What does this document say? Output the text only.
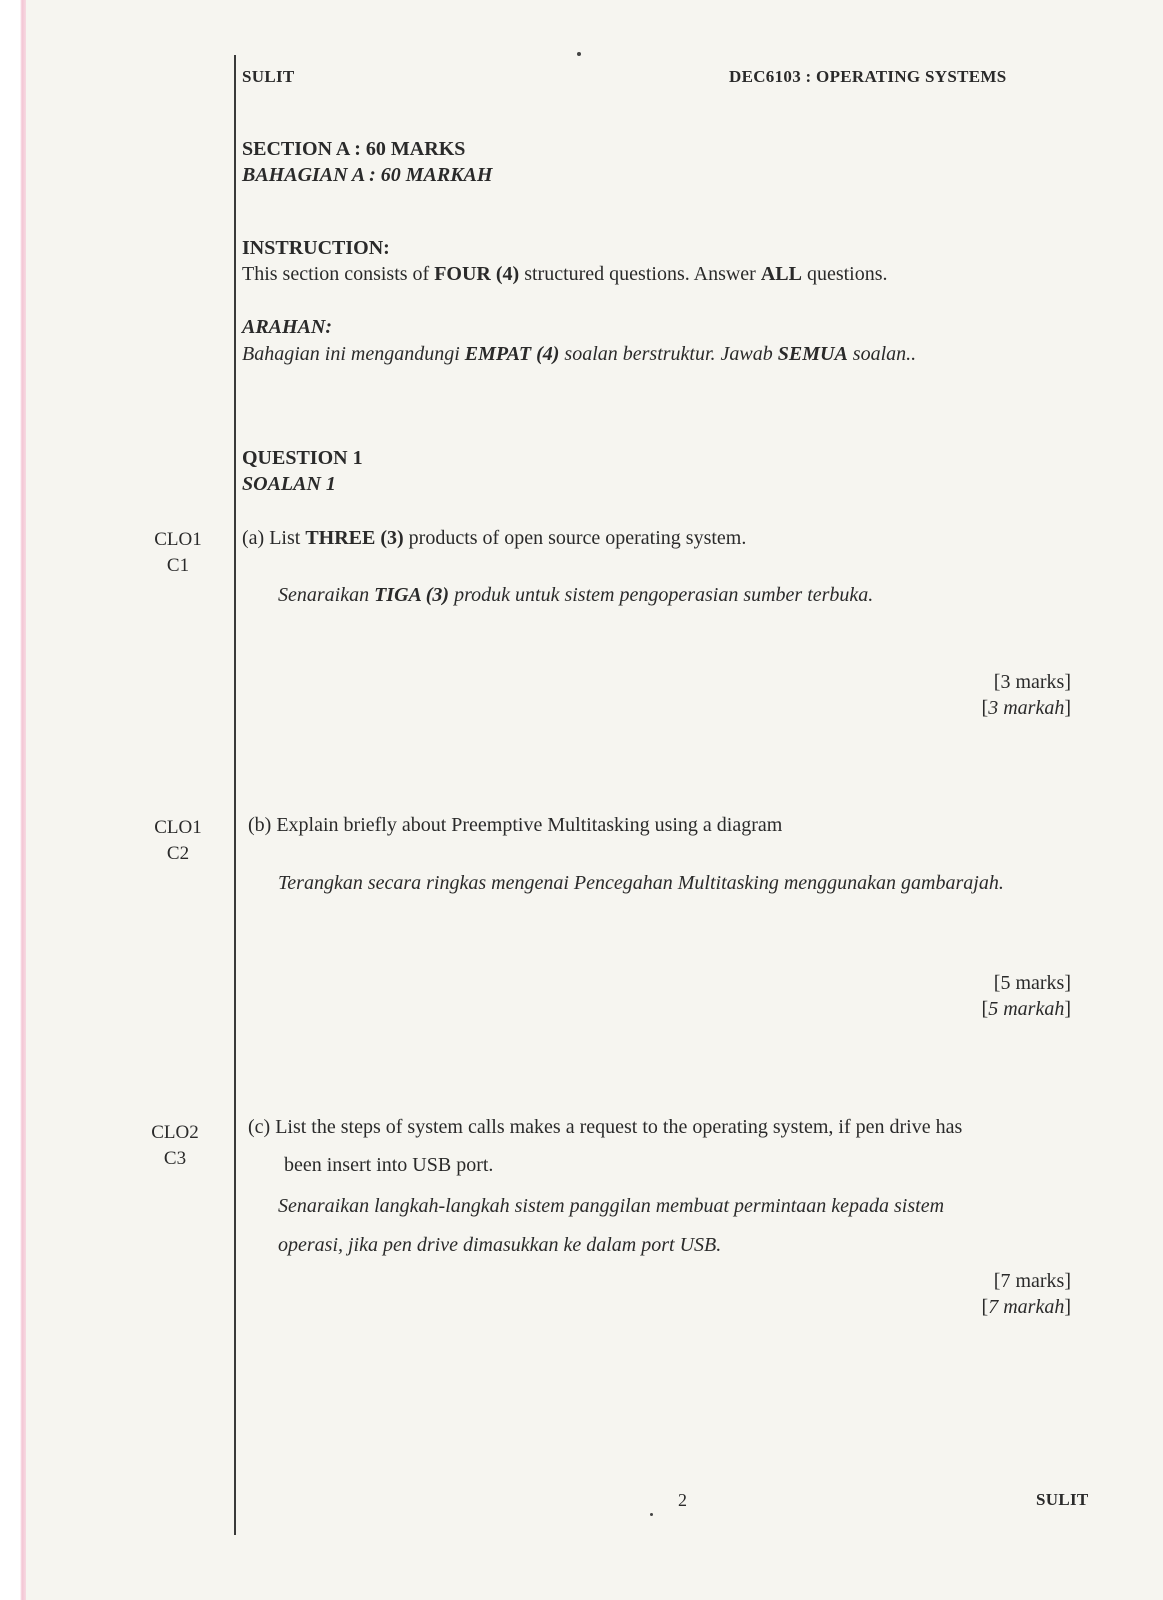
SULIT	DEC6103 : OPERATING SYSTEMS
SECTION A : 60 MARKS
BAHAGIAN A : 60 MARKAH
INSTRUCTION:
This section consists of FOUR (4) structured questions. Answer ALL questions.
ARAHAN:
Bahagian ini mengandungi EMPAT (4) soalan berstruktur. Jawab SEMUA soalan..
QUESTION 1
SOALAN 1
CLO1
C1
(a) List THREE (3) products of open source operating system.
Senaraikan TIGA (3) produk untuk sistem pengoperasian sumber terbuka.
[3 marks]
[3 markah]
CLO1
C2
(b) Explain briefly about Preemptive Multitasking using a diagram
Terangkan secara ringkas mengenai Pencegahan Multitasking menggunakan gambarajah.
[5 marks]
[5 markah]
CLO2
C3
(c) List the steps of system calls makes a request to the operating system, if pen drive has
been insert into USB port.
Senaraikan langkah-langkah sistem panggilan membuat permintaan kepada sistem
operasi, jika pen drive dimasukkan ke dalam port USB.
[7 marks]
[7 markah]
2	SULIT
